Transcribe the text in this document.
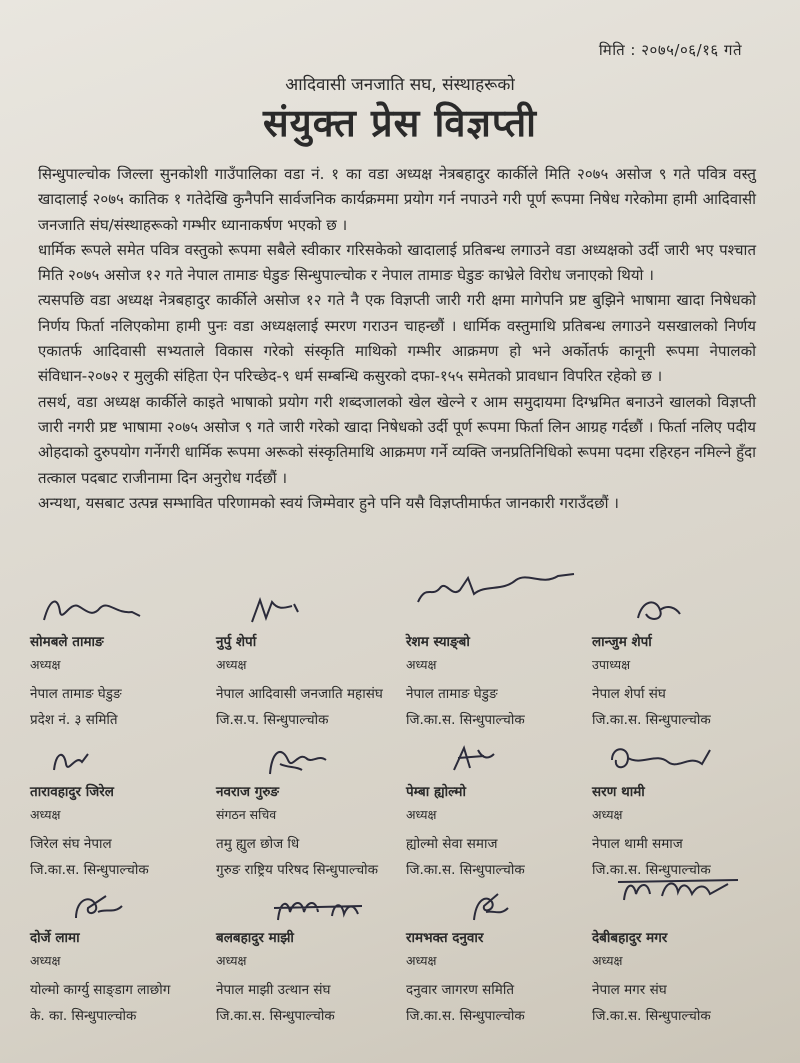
मिति : २०७५/०६/१६ गते
आदिवासी जनजाति सघ, संस्थाहरूको
संयुक्त प्रेस विज्ञप्ती

सिन्धुपाल्चोक जिल्ला सुनकोशी गाउँपालिका वडा नं. १ का वडा अध्यक्ष नेत्रबहादुर कार्कीले मिति २०७५ असोज ९ गते पवित्र वस्तु खादालाई २०७५ कातिक १ गतेदेखि कुनैपनि सार्वजनिक कार्यक्रममा प्रयोग गर्न नपाउने गरी पूर्ण रूपमा निषेध गरेकोमा हामी आदिवासी जनजाति संघ/संस्थाहरूको गम्भीर ध्यानाकर्षण भएको छ ।

धार्मिक रूपले समेत पवित्र वस्तुको रूपमा सबैले स्वीकार गरिसकेको खादालाई प्रतिबन्ध लगाउने वडा अध्यक्षको उर्दी जारी भए पश्चात मिति २०७५ असोज १२ गते नेपाल तामाङ घेडुङ सिन्धुपाल्चोक र नेपाल तामाङ घेडुङ काभ्रेले विरोध जनाएको थियो ।

त्यसपछि वडा अध्यक्ष नेत्रबहादुर कार्कीले असोज १२ गते नै एक विज्ञप्ती जारी गरी क्षमा मागेपनि प्रष्ट बुझिने भाषामा खादा निषेधको निर्णय फिर्ता नलिएकोमा हामी पुनः वडा अध्यक्षलाई स्मरण गराउन चाहन्छौं । धार्मिक वस्तुमाथि प्रतिबन्ध लगाउने यसखालको निर्णय एकातर्फ आदिवासी सभ्यताले विकास गरेको संस्कृति माथिको गम्भीर आक्रमण हो भने अर्कोतर्फ कानूनी रूपमा नेपालको संविधान-२०७२ र मुलुकी संहिता ऐन परिच्छेद-९ धर्म सम्बन्धि कसुरको दफा-१५५ समेतको प्रावधान विपरित रहेको छ ।

तसर्थ, वडा अध्यक्ष कार्कीले काइते भाषाको प्रयोग गरी शब्दजालको खेल खेल्ने र आम समुदायमा दिग्भ्रमित बनाउने खालको विज्ञप्ती जारी नगरी प्रष्ट भाषामा २०७५ असोज ९ गते जारी गरेको खादा निषेधको उर्दी पूर्ण रूपमा फिर्ता लिन आग्रह गर्दछौं । फिर्ता नलिए पदीय ओहदाको दुरुपयोग गर्नेगरी धार्मिक रूपमा अरूको संस्कृतिमाथि आक्रमण गर्ने व्यक्ति जनप्रतिनिधिको रूपमा पदमा रहिरहन नमिल्ने हुँदा तत्काल पदबाट राजीनामा दिन अनुरोध गर्दछौं ।

अन्यथा, यसबाट उत्पन्न सम्भावित परिणामको स्वयं जिम्मेवार हुने पनि यसै विज्ञप्तीमार्फत जानकारी गराउँदछौं ।

सोमबले तामाङ
अध्यक्ष
नेपाल तामाङ घेडुङ
प्रदेश नं. ३ समिति
नुर्पु शेर्पा
अध्यक्ष
नेपाल आदिवासी जनजाति महासंघ
जि.स.प. सिन्धुपाल्चोक
रेशम स्याङ्बो
अध्यक्ष
नेपाल तामाङ घेडुङ
जि.का.स. सिन्धुपाल्चोक
लान्जुम शेर्पा
उपाध्यक्ष
नेपाल शेर्पा संघ
जि.का.स. सिन्धुपाल्चोक
तारावहादुर जिरेल
अध्यक्ष
जिरेल संघ नेपाल
जि.का.स. सिन्धुपाल्चोक
नवराज गुरुङ
संगठन सचिव
तमु ह्युल छोज धि
गुरुङ राष्ट्रिय परिषद सिन्धुपाल्चोक
पेम्बा ह्योल्मो
अध्यक्ष
ह्योल्मो सेवा समाज
जि.का.स. सिन्धुपाल्चोक
सरण थामी
अध्यक्ष
नेपाल थामी समाज
जि.का.स. सिन्धुपाल्चोक
दोर्जे लामा
अध्यक्ष
योल्मो कार्ग्यु साङ्डाग लाछोग
के. का. सिन्धुपाल्चोक
बलबहादुर माझी
अध्यक्ष
नेपाल माझी उत्थान संघ
जि.का.स. सिन्धुपाल्चोक
रामभक्त दनुवार
अध्यक्ष
दनुवार जागरण समिति
जि.का.स. सिन्धुपाल्चोक
देबीबहादुर मगर
अध्यक्ष
नेपाल मगर संघ
जि.का.स. सिन्धुपाल्चोक
